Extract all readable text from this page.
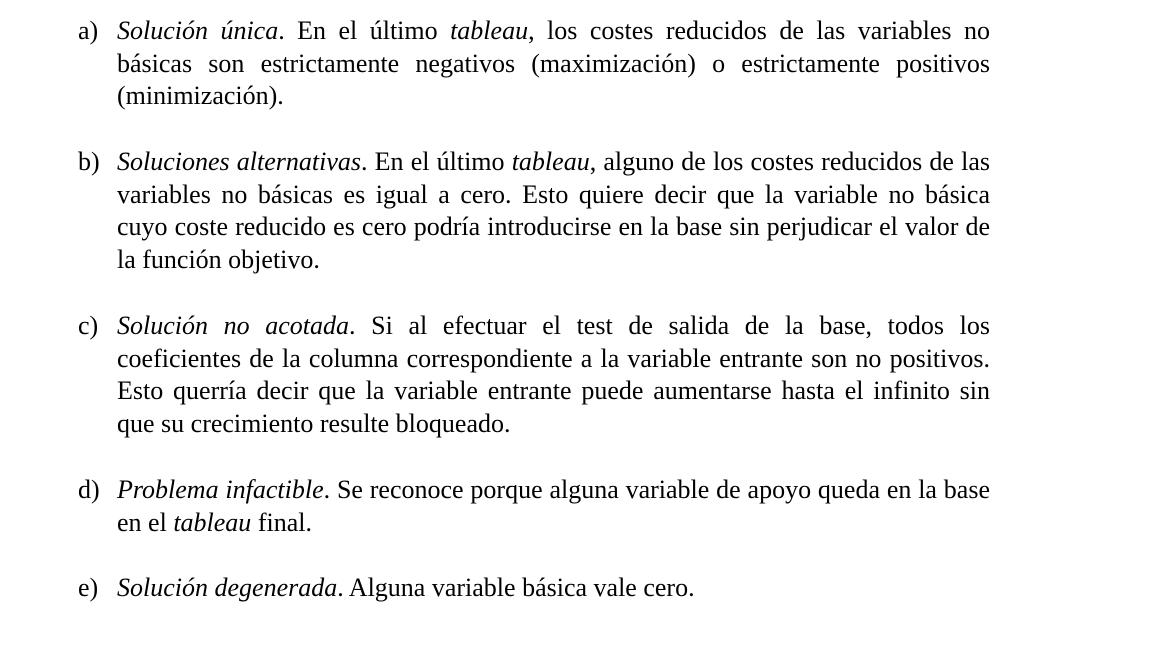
a) Solución única. En el último tableau, los costes reducidos de las variables no básicas son estrictamente negativos (maximización) o estrictamente positivos (minimización).
b) Soluciones alternativas. En el último tableau, alguno de los costes reducidos de las variables no básicas es igual a cero. Esto quiere decir que la variable no básica cuyo coste reducido es cero podría introducirse en la base sin perjudicar el valor de la función objetivo.
c) Solución no acotada. Si al efectuar el test de salida de la base, todos los coeficientes de la columna correspondiente a la variable entrante son no positivos. Esto querría decir que la variable entrante puede aumentarse hasta el infinito sin que su crecimiento resulte bloqueado.
d) Problema infactible. Se reconoce porque alguna variable de apoyo queda en la base en el tableau final.
e) Solución degenerada. Alguna variable básica vale cero.
